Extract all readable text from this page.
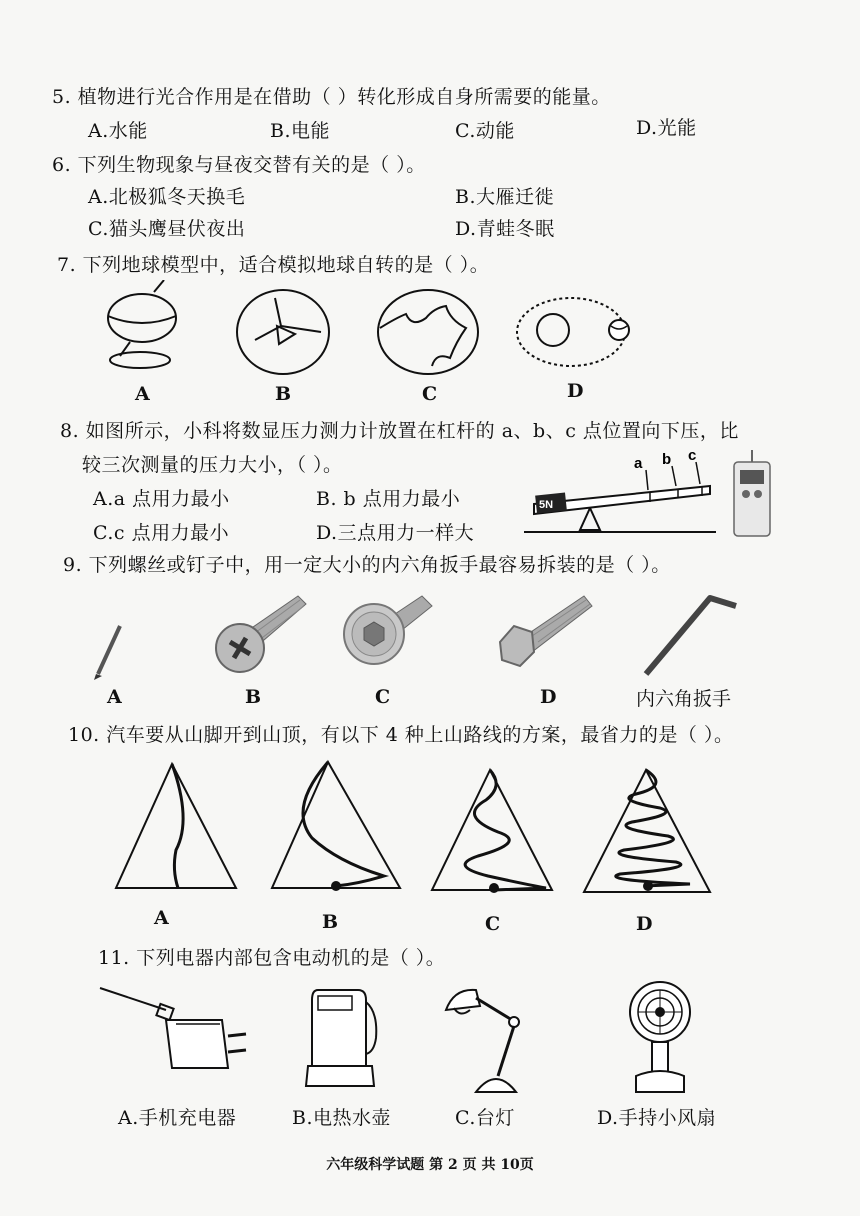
5. 植物进行光合作用是在借助（ ）转化形成自身所需要的能量。
A.水能	B.电能	C.动能	D.光能
6. 下列生物现象与昼夜交替有关的是（ ）。
A.北极狐冬天换毛	B.大雁迁徙
C.猫头鹰昼伏夜出	D.青蛙冬眠
7. 下列地球模型中，适合模拟地球自转的是（ ）。
A	B	C	D
8. 如图所示，小科将数显压力测力计放置在杠杆的 a、b、c 点位置向下压，比
较三次测量的压力大小，（ ）。
A.a 点用力最小	B. b 点用力最小
C.c 点用力最小	D.三点用力一样大
5N
a b c
9. 下列螺丝或钉子中，用一定大小的内六角扳手最容易拆装的是（ ）。
A	B	C	D	内六角扳手
10. 汽车要从山脚开到山顶，有以下 4 种上山路线的方案，最省力的是（ ）。
A	B	C	D
11. 下列电器内部包含电动机的是（ ）。
A.手机充电器	B.电热水壶	C.台灯	D.手持小风扇
六年级科学试题 第 2 页 共 10页
